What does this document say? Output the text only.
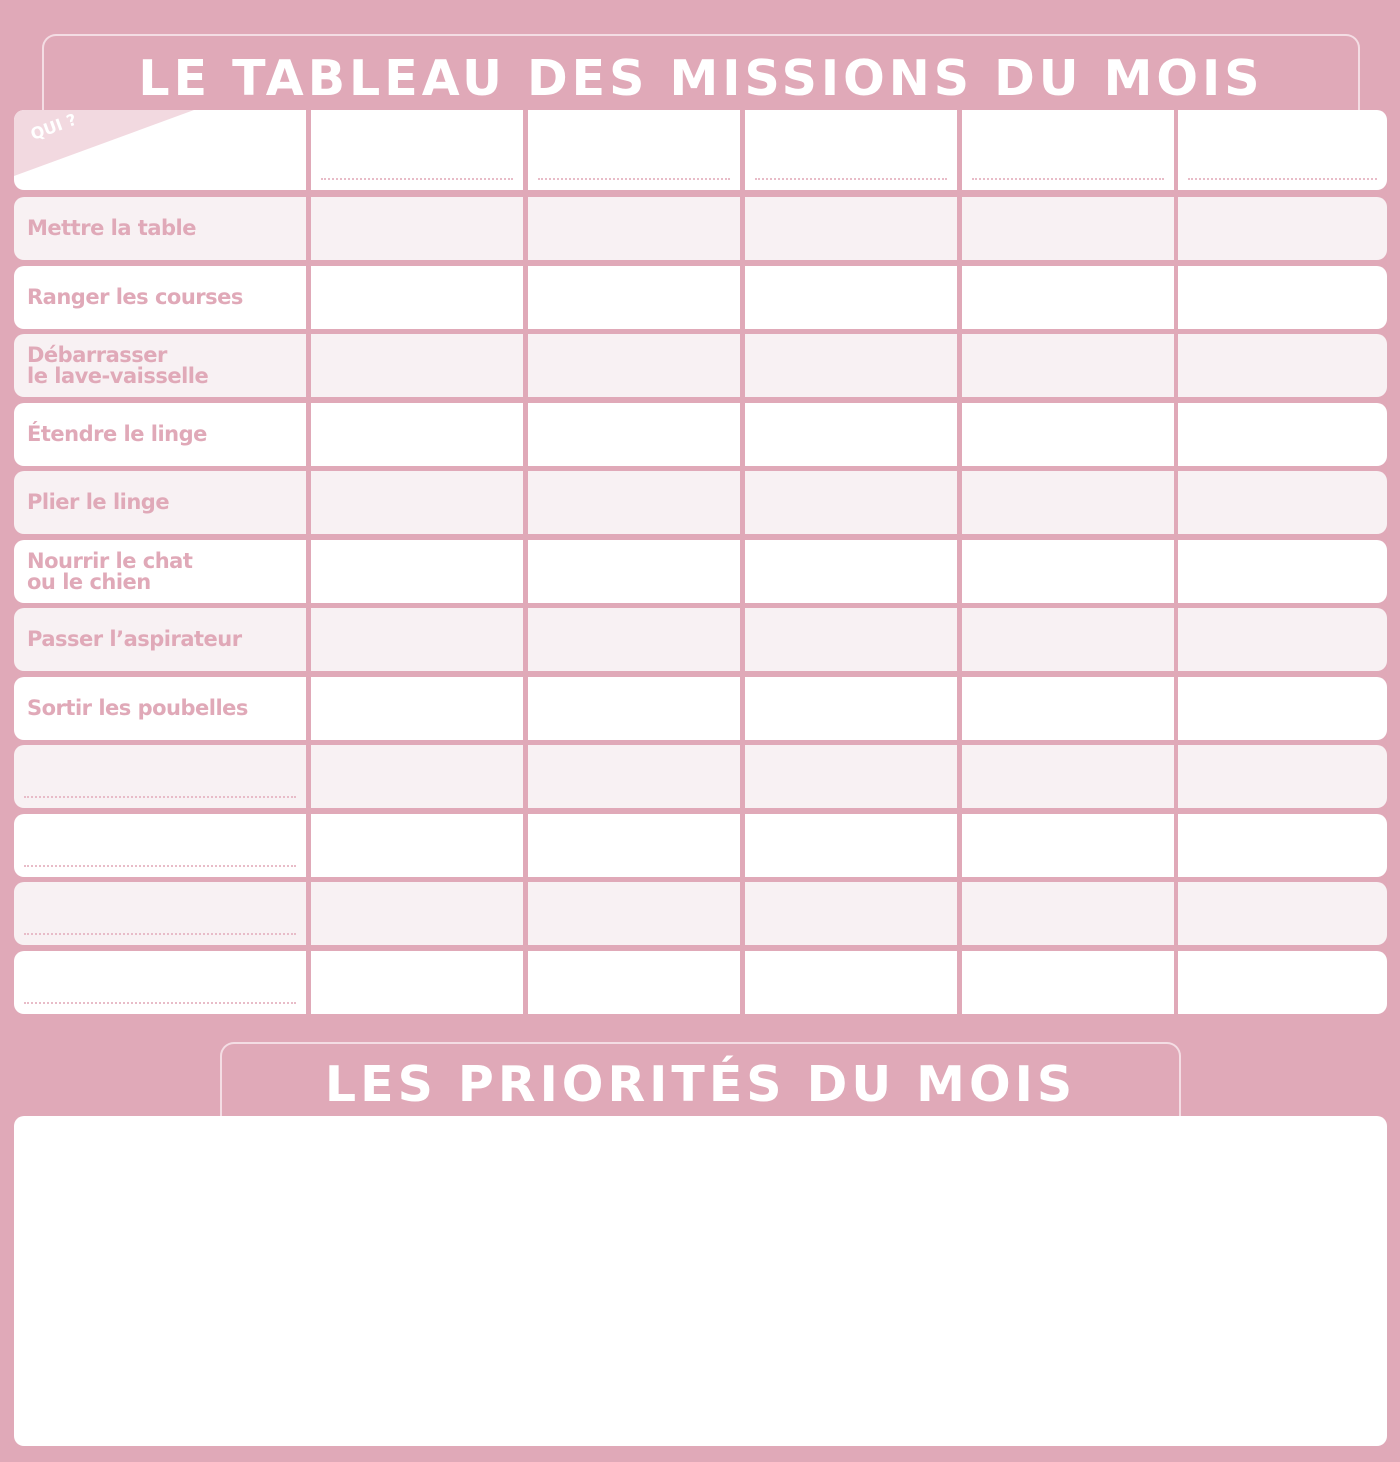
LE TABLEAU DES MISSIONS DU MOIS
QUI ?
Mettre la table
Ranger les courses
Débarrasser
le lave-vaisselle
Étendre le linge
Plier le linge
Nourrir le chat
ou le chien
Passer l’aspirateur
Sortir les poubelles
LES PRIORITÉS DU MOIS
